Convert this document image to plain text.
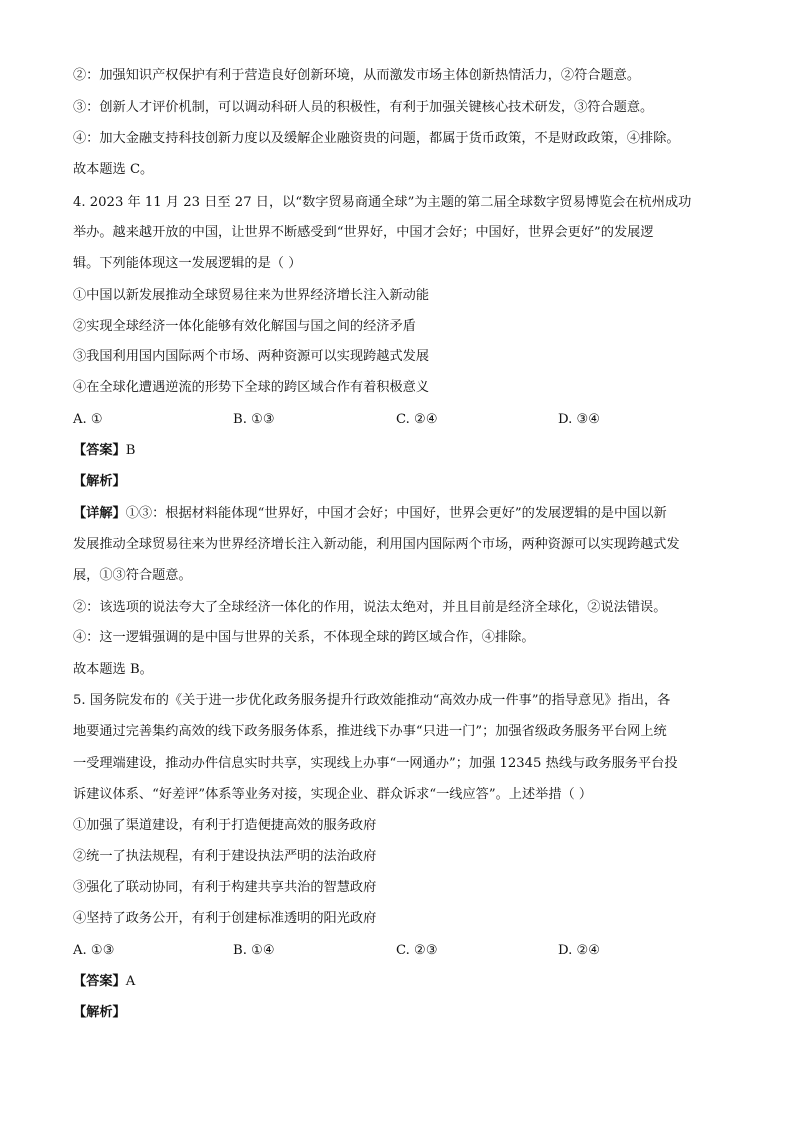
②：加强知识产权保护有利于营造良好创新环境，从而激发市场主体创新热情活力，②符合题意。
③：创新人才评价机制，可以调动科研人员的积极性，有利于加强关键核心技术研发，③符合题意。
④：加大金融支持科技创新力度以及缓解企业融资贵的问题，都属于货币政策，不是财政政策，④排除。
故本题选 C。
4. 2023 年 11 月 23 日至 27 日，以“数字贸易商通全球”为主题的第二届全球数字贸易博览会在杭州成功
举办。越来越开放的中国，让世界不断感受到“世界好，中国才会好；中国好，世界会更好”的发展逻
辑。下列能体现这一发展逻辑的是（ ）
①中国以新发展推动全球贸易往来为世界经济增长注入新动能
②实现全球经济一体化能够有效化解国与国之间的经济矛盾
③我国利用国内国际两个市场、两种资源可以实现跨越式发展
④在全球化遭遇逆流的形势下全球的跨区域合作有着积极意义
A. ①	B. ①③	C. ②④	D. ③④
【答案】B
【解析】
【详解】①③：根据材料能体现“世界好，中国才会好；中国好，世界会更好”的发展逻辑的是中国以新
发展推动全球贸易往来为世界经济增长注入新动能，利用国内国际两个市场，两种资源可以实现跨越式发
展，①③符合题意。
②：该选项的说法夸大了全球经济一体化的作用，说法太绝对，并且目前是经济全球化，②说法错误。
④：这一逻辑强调的是中国与世界的关系，不体现全球的跨区域合作，④排除。
故本题选 B。
5. 国务院发布的《关于进一步优化政务服务提升行政效能推动“高效办成一件事”的指导意见》指出，各
地要通过完善集约高效的线下政务服务体系，推进线下办事“只进一门”；加强省级政务服务平台网上统
一受理端建设，推动办件信息实时共享，实现线上办事“一网通办”；加强 12345 热线与政务服务平台投
诉建议体系、“好差评”体系等业务对接，实现企业、群众诉求“一线应答”。上述举措（ ）
①加强了渠道建设，有利于打造便捷高效的服务政府
②统一了执法规程，有利于建设执法严明的法治政府
③强化了联动协同，有利于构建共享共治的智慧政府
④坚持了政务公开，有利于创建标准透明的阳光政府
A. ①③	B. ①④	C. ②③	D. ②④
【答案】A
【解析】
